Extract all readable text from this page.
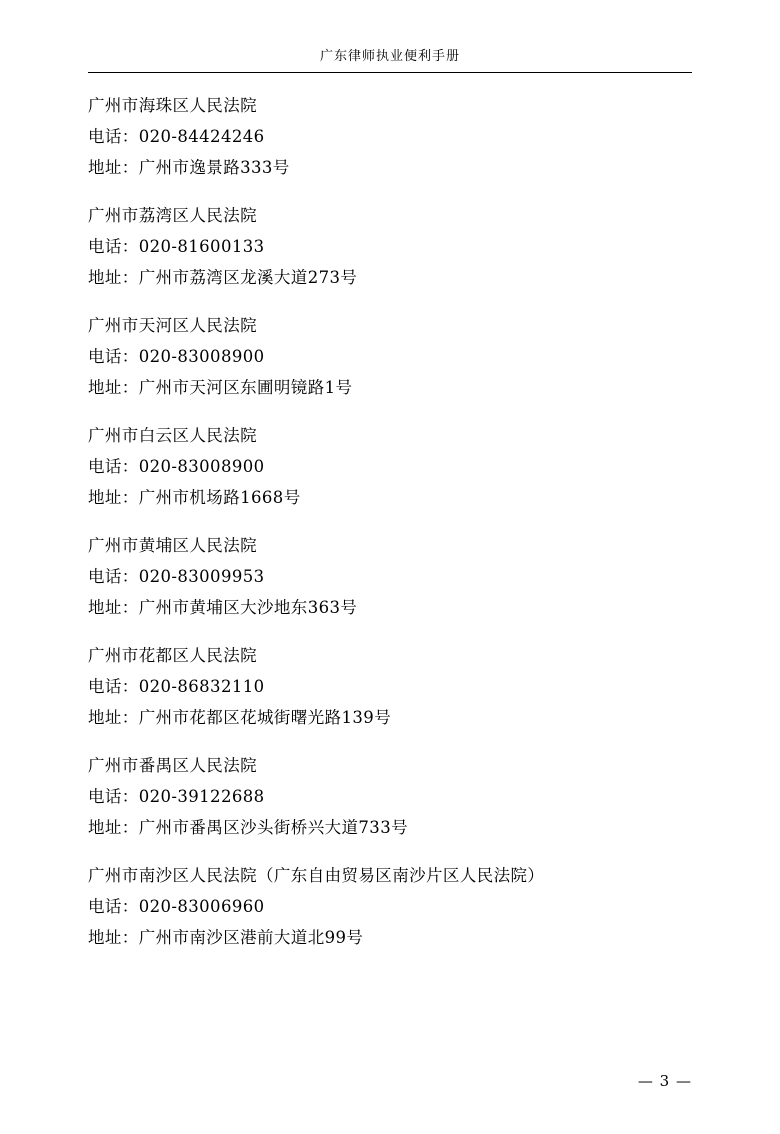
广东律师执业便利手册
广州市海珠区人民法院
电话：020-84424246
地址：广州市逸景路333号
广州市荔湾区人民法院
电话：020-81600133
地址：广州市荔湾区龙溪大道273号
广州市天河区人民法院
电话：020-83008900
地址：广州市天河区东圃明镜路1号
广州市白云区人民法院
电话：020-83008900
地址：广州市机场路1668号
广州市黄埔区人民法院
电话：020-83009953
地址：广州市黄埔区大沙地东363号
广州市花都区人民法院
电话：020-86832110
地址：广州市花都区花城街曙光路139号
广州市番禺区人民法院
电话：020-39122688
地址：广州市番禺区沙头街桥兴大道733号
广州市南沙区人民法院（广东自由贸易区南沙片区人民法院）
电话：020-83006960
地址：广州市南沙区港前大道北99号
— 3 —
